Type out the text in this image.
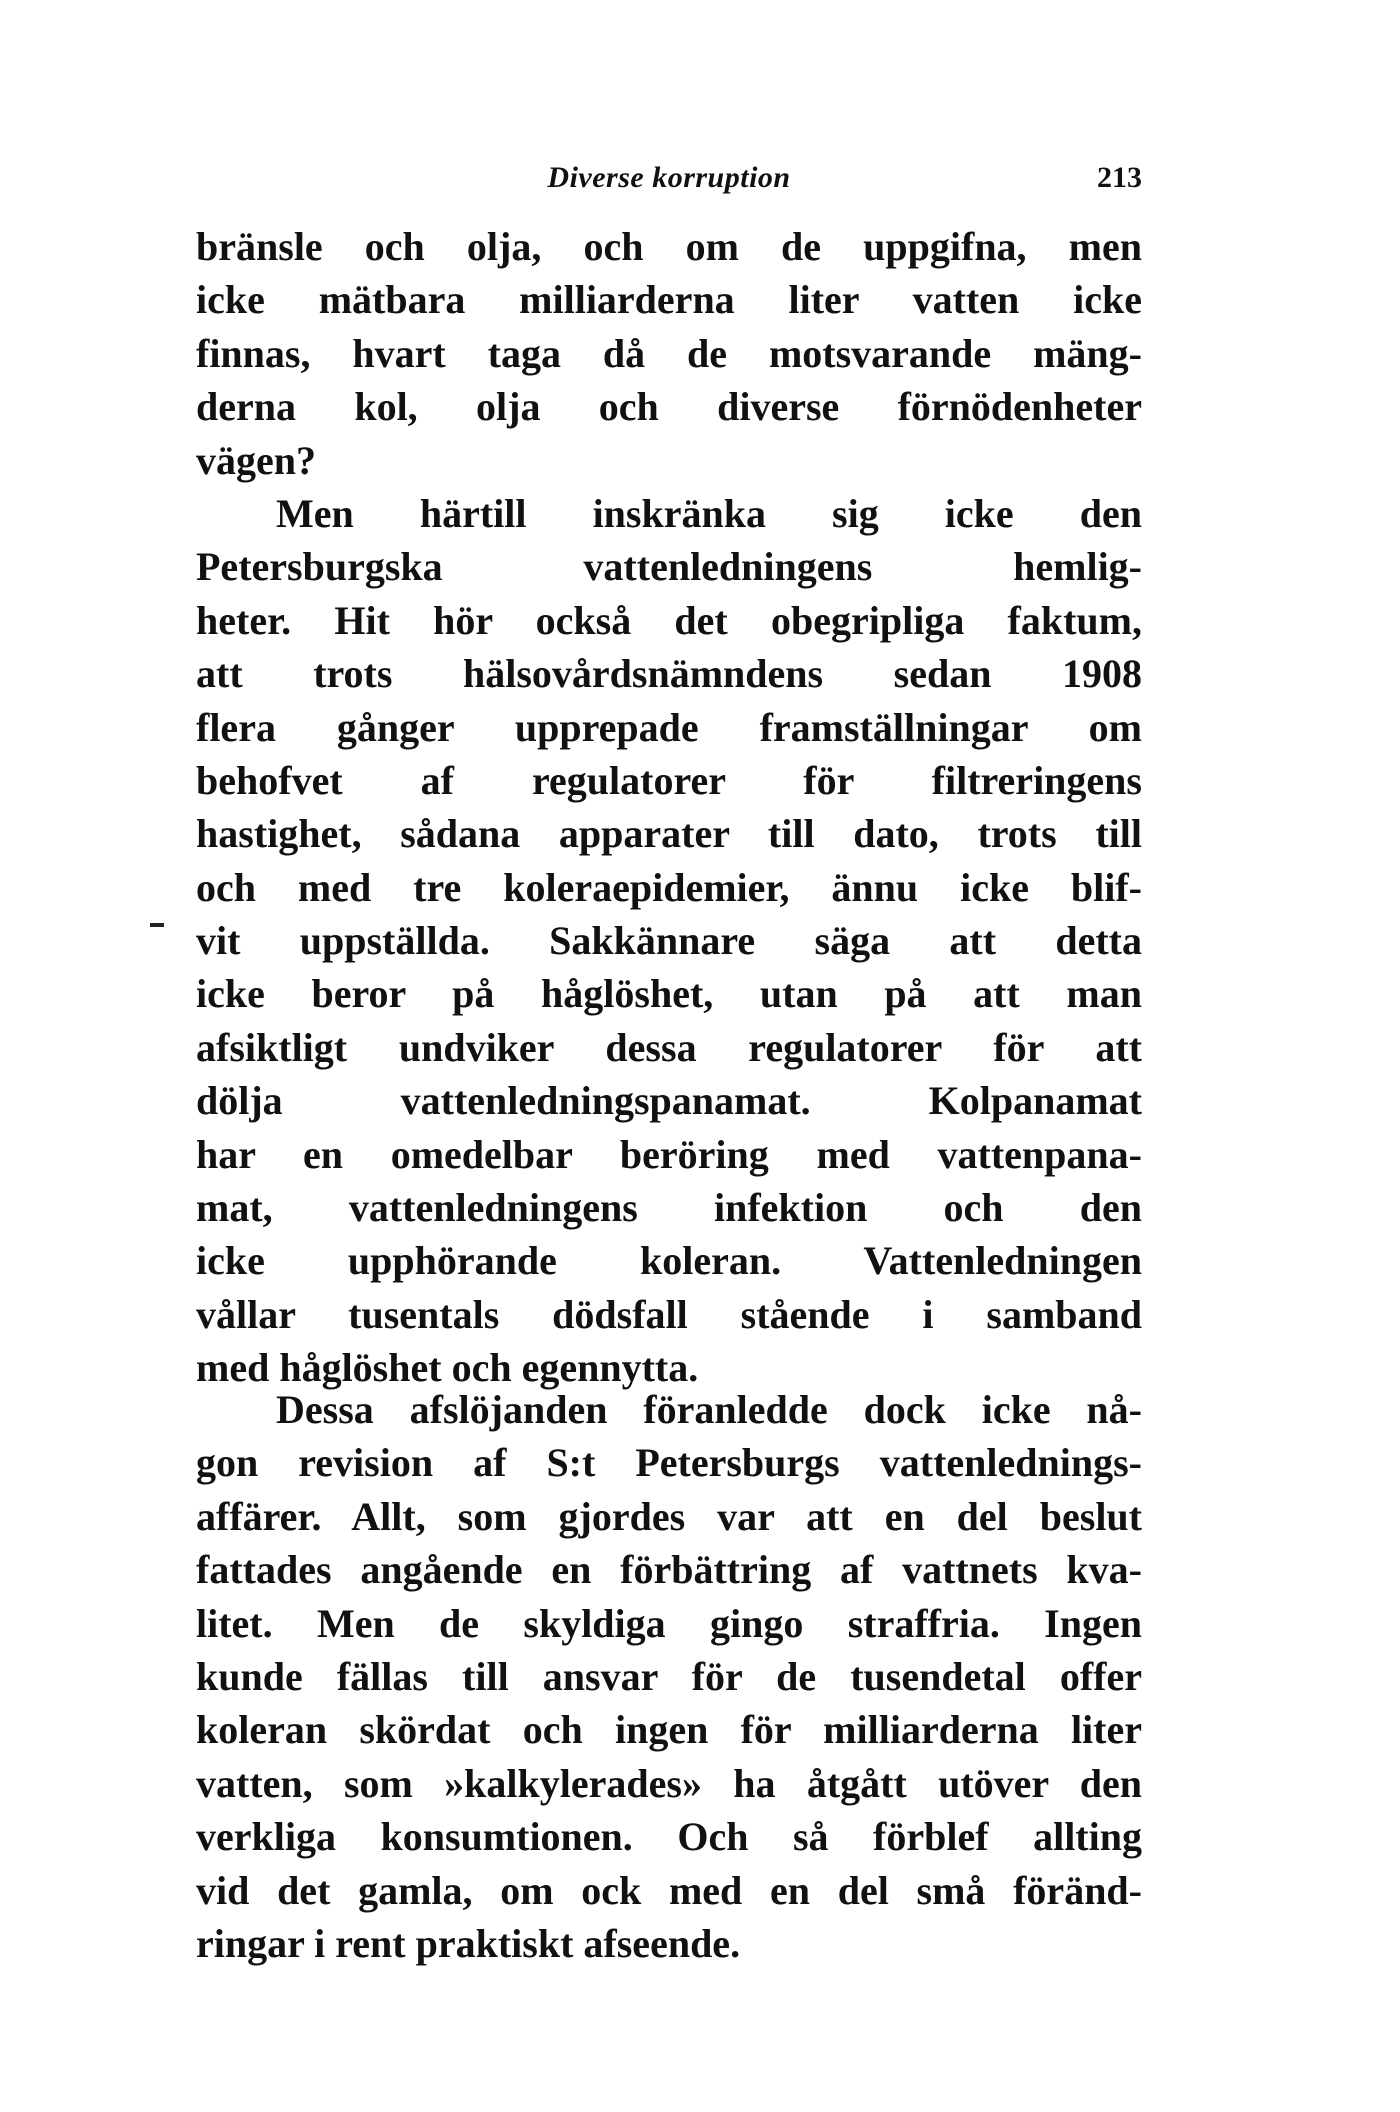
Diverse korruption	213
bränsle och olja, och om de uppgifna, men
icke mätbara milliarderna liter vatten icke
finnas, hvart taga då de motsvarande mäng-
derna kol, olja och diverse förnödenheter
vägen?
Men härtill inskränka sig icke den
Petersburgska vattenledningens hemlig-
heter. Hit hör också det obegripliga faktum,
att trots hälsovårdsnämndens sedan 1908
flera gånger upprepade framställningar om
behofvet af regulatorer för filtreringens
hastighet, sådana apparater till dato, trots till
och med tre koleraepidemier, ännu icke blif-
vit uppställda. Sakkännare säga att detta
icke beror på håglöshet, utan på att man
afsiktligt undviker dessa regulatorer för att
dölja vattenledningspanamat. Kolpanamat
har en omedelbar beröring med vattenpana-
mat, vattenledningens infektion och den
icke upphörande koleran. Vattenledningen
vållar tusentals dödsfall stående i samband
med håglöshet och egennytta.
Dessa afslöjanden föranledde dock icke nå-
gon revision af S:t Petersburgs vattenlednings-
affärer. Allt, som gjordes var att en del beslut
fattades angående en förbättring af vattnets kva-
litet. Men de skyldiga gingo straffria. Ingen
kunde fällas till ansvar för de tusendetal offer
koleran skördat och ingen för milliarderna liter
vatten, som »kalkylerades» ha åtgått utöver den
verkliga konsumtionen. Och så förblef allting
vid det gamla, om ock med en del små föränd-
ringar i rent praktiskt afseende.
